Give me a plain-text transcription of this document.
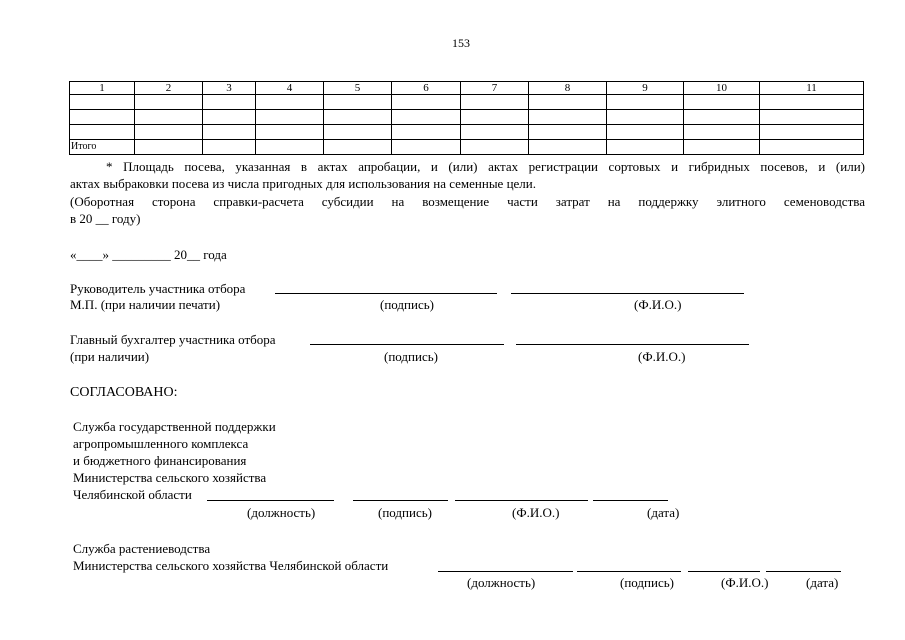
153
1	2	3	4	5	6	7	8	9	10	11

Итого										
* Площадь посева, указанная в актах апробации, и (или) актах регистрации сортовых и гибридных посевов, и (или)
актах выбраковки посева из числа пригодных для использования на семенные цели.
(Оборотная сторона справки-расчета субсидии на возмещение части затрат на поддержку элитного семеноводства
в 20 __ году)
«____» _________ 20__ года
Руководитель участника отбора
М.П. (при наличии печати)	(подпись)	(Ф.И.О.)
Главный бухгалтер участника отбора
(при наличии)	(подпись)	(Ф.И.О.)
СОГЛАСОВАНО:
Служба государственной поддержки
агропромышленного комплекса
и бюджетного финансирования
Министерства сельского хозяйства
Челябинской области
(должность)	(подпись)	(Ф.И.О.)	(дата)
Служба растениеводства
Министерства сельского хозяйства Челябинской области
(должность)	(подпись)	(Ф.И.О.)	(дата)
